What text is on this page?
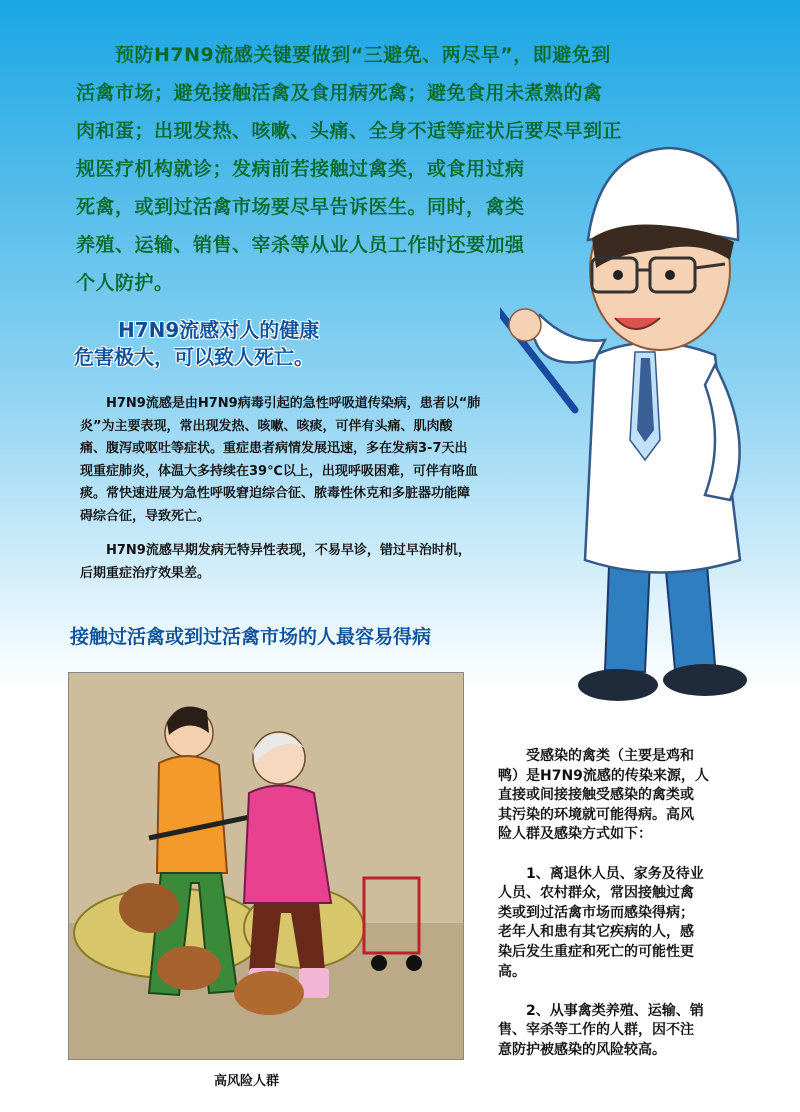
　　预防H7N9流感关键要做到“三避免、两尽早”，即避免到
活禽市场；避免接触活禽及食用病死禽；避免食用未煮熟的禽
肉和蛋；出现发热、咳嗽、头痛、全身不适等症状后要尽早到正
规医疗机构就诊；发病前若接触过禽类，或食用过病
死禽，或到过活禽市场要尽早告诉医生。同时，禽类
养殖、运输、销售、宰杀等从业人员工作时还要加强
个人防护。
H7N9流感对人的健康
危害极大，可以致人死亡。
　　H7N9流感是由H7N9病毒引起的急性呼吸道传染病，患者以“肺
炎”为主要表现，常出现发热、咳嗽、咳痰，可伴有头痛、肌肉酸
痛、腹泻或呕吐等症状。重症患者病情发展迅速，多在发病3-7天出
现重症肺炎，体温大多持续在39℃以上，出现呼吸困难，可伴有咯血
痰。常快速进展为急性呼吸窘迫综合征、脓毒性休克和多脏器功能障
碍综合征，导致死亡。
　　H7N9流感早期发病无特异性表现，不易早诊，错过早治时机，
后期重症治疗效果差。
接触过活禽或到过活禽市场的人最容易得病
高风险人群
　　受感染的禽类（主要是鸡和
鸭）是H7N9流感的传染来源，人
直接或间接接触受感染的禽类或
其污染的环境就可能得病。高风
险人群及感染方式如下：
　　1、离退休人员、家务及待业
人员、农村群众，常因接触过禽
类或到过活禽市场而感染得病；
老年人和患有其它疾病的人，感
染后发生重症和死亡的可能性更
高。
　　2、从事禽类养殖、运输、销
售、宰杀等工作的人群，因不注
意防护被感染的风险较高。
